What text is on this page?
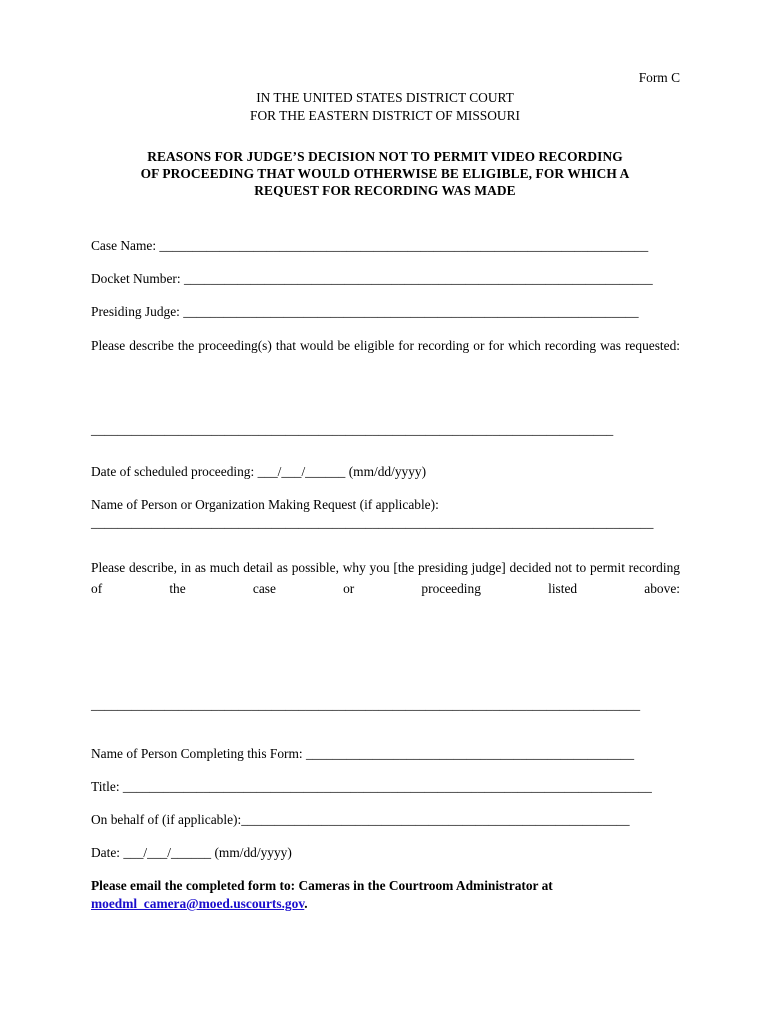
Form C
IN THE UNITED STATES DISTRICT COURT
FOR THE EASTERN DISTRICT OF MISSOURI
REASONS FOR JUDGE’S DECISION NOT TO PERMIT VIDEO RECORDING
OF PROCEEDING THAT WOULD OTHERWISE BE ELIGIBLE, FOR WHICH A
REQUEST FOR RECORDING WAS MADE
Case Name: _________________________________________________________________________
Docket Number: ______________________________________________________________________
Presiding Judge: ____________________________________________________________________
Please describe the proceeding(s) that would be eligible for recording or for which recording was requested:
______________________________________________________________________________
Date of scheduled proceeding: ___/___/______ (mm/dd/yyyy)
Name of Person or Organization Making Request (if applicable):
____________________________________________________________________________________
Please describe, in as much detail as possible, why you [the presiding judge] decided not to permit recording of the case or proceeding listed above:
__________________________________________________________________________________
Name of Person Completing this Form: _________________________________________________
Title: _______________________________________________________________________________
On behalf of (if applicable):__________________________________________________________
Date: ___/___/______ (mm/dd/yyyy)
Please email the completed form to: Cameras in the Courtroom Administrator at
moedml_camera@moed.uscourts.gov.
